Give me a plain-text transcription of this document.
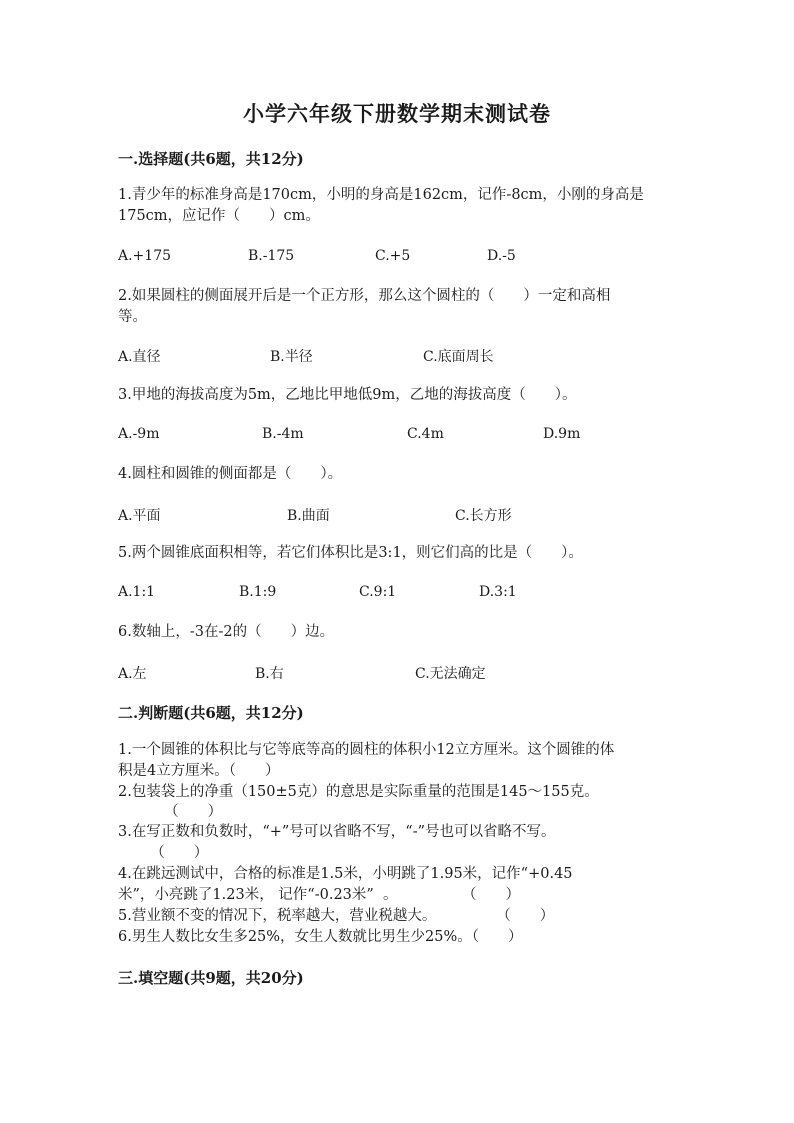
小学六年级下册数学期末测试卷
一.选择题(共6题，共12分)
1.青少年的标准身高是170cm，小明的身高是162cm，记作-8cm，小刚的身高是
175cm，应记作（　　）cm。
A.+175	B.-175	C.+5	D.-5
2.如果圆柱的侧面展开后是一个正方形，那么这个圆柱的（　　）一定和高相
等。
A.直径	B.半径	C.底面周长
3.甲地的海拔高度为5m，乙地比甲地低9m，乙地的海拔高度（　　）。
A.-9m	B.-4m	C.4m	D.9m
4.圆柱和圆锥的侧面都是（　　）。
A.平面	B.曲面	C.长方形
5.两个圆锥底面积相等，若它们体积比是3:1，则它们高的比是（　　）。
A.1:1	B.1:9	C.9:1	D.3:1
6.数轴上，-3在-2的（　　）边。
A.左	B.右	C.无法确定
二.判断题(共6题，共12分)
1.一个圆锥的体积比与它等底等高的圆柱的体积小12立方厘米。这个圆锥的体
积是4立方厘米。（　　）
2.包装袋上的净重（150±5克）的意思是实际重量的范围是145～155克。
（　　）
3.在写正数和负数时，“+”号可以省略不写，“-”号也可以省略不写。
（　　）
4.在跳远测试中，合格的标准是1.5米，小明跳了1.95米，记作“+0.45
米”，小亮跳了1.23米， 记作“-0.23米”  。              （　　）
5.营业额不变的情况下，税率越大，营业税越大。             （　　）
6.男生人数比女生多25%，女生人数就比男生少25%。（　　）
三.填空题(共9题，共20分)
